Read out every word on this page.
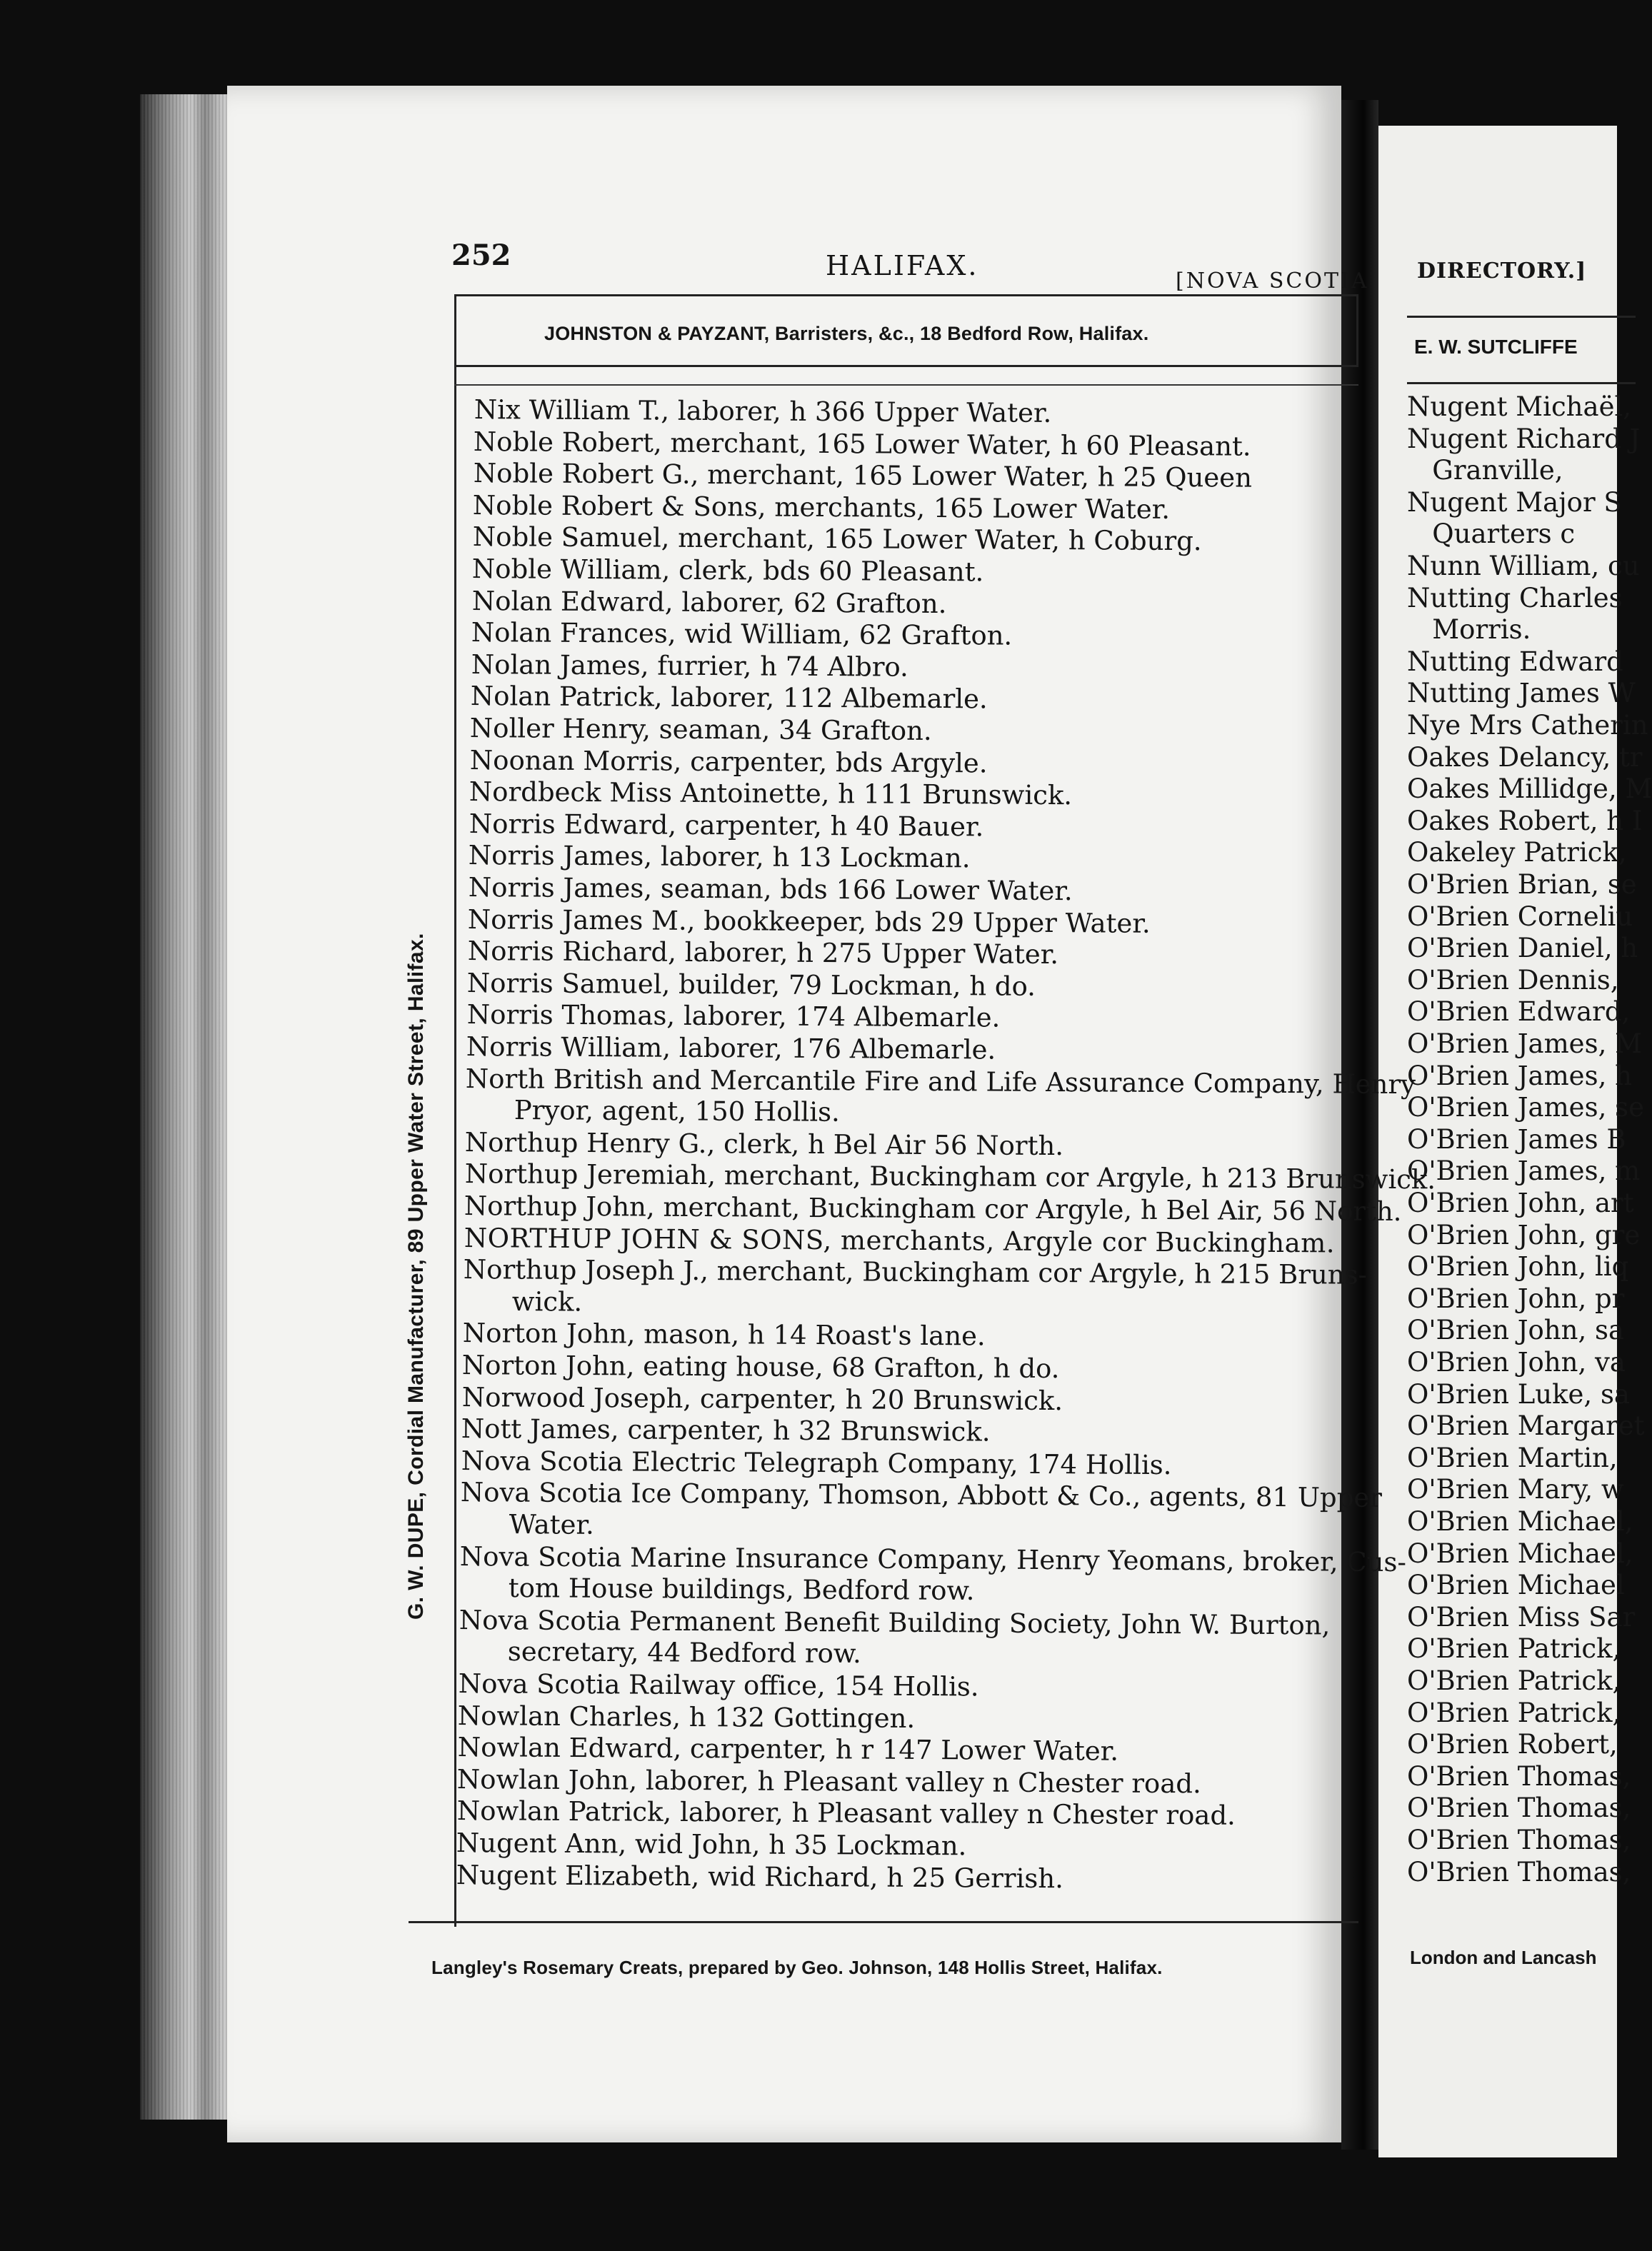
DIRECTORY.]
E. W. SUTCLIFFE
Nugent Michaël,
Nugent Richard J
Granville,
Nugent Major S
Quarters c
Nunn William, cu
Nutting Charles
Morris.
Nutting Edward
Nutting James W
Nye Mrs Catherin
Oakes Delancy, tr
Oakes Millidge, M
Oakes Robert, h I
Oakeley Patrick,
O'Brien Brian, se
O'Brien Corneliu
O'Brien Daniel, h
O'Brien Dennis,
O'Brien Edward,
O'Brien James, M
O'Brien James, h
O'Brien James, se
O'Brien James B
O'Brien James, m
O'Brien John, art
O'Brien John, gre
O'Brien John, liq
O'Brien John, pr
O'Brien John, sa
O'Brien John, va
O'Brien Luke, sa
O'Brien Margaret
O'Brien Martin,
O'Brien Mary, w
O'Brien Michael,
O'Brien Michael,
O'Brien Michael
O'Brien Miss Sar
O'Brien Patrick,
O'Brien Patrick,
O'Brien Patrick,
O'Brien Robert,
O'Brien Thomas,
O'Brien Thomas,
O'Brien Thomas,
O'Brien Thomas,
London and Lancash
252	HALIFAX.	[NOVA SCOTIA
JOHNSTON & PAYZANT, Barristers, &c., 18 Bedford Row, Halifax.
G. W. DUPE, Cordial Manufacturer, 89 Upper Water Street, Halifax.
Nix William T., laborer, h 366 Upper Water.
Noble Robert, merchant, 165 Lower Water, h 60 Pleasant.
Noble Robert G., merchant, 165 Lower Water, h 25 Queen
Noble Robert & Sons, merchants, 165 Lower Water.
Noble Samuel, merchant, 165 Lower Water, h Coburg.
Noble William, clerk, bds 60 Pleasant.
Nolan Edward, laborer, 62 Grafton.
Nolan Frances, wid William, 62 Grafton.
Nolan James, furrier, h 74 Albro.
Nolan Patrick, laborer, 112 Albemarle.
Noller Henry, seaman, 34 Grafton.
Noonan Morris, carpenter, bds Argyle.
Nordbeck Miss Antoinette, h 111 Brunswick.
Norris Edward, carpenter, h 40 Bauer.
Norris James, laborer, h 13 Lockman.
Norris James, seaman, bds 166 Lower Water.
Norris James M., bookkeeper, bds 29 Upper Water.
Norris Richard, laborer, h 275 Upper Water.
Norris Samuel, builder, 79 Lockman, h do.
Norris Thomas, laborer, 174 Albemarle.
Norris William, laborer, 176 Albemarle.
North British and Mercantile Fire and Life Assurance Company, Henry
Pryor, agent, 150 Hollis.
Northup Henry G., clerk, h Bel Air 56 North.
Northup Jeremiah, merchant, Buckingham cor Argyle, h 213 Brunswick.
Northup John, merchant, Buckingham cor Argyle, h Bel Air, 56 North.
NORTHUP JOHN & SONS, merchants, Argyle cor Buckingham.
Northup Joseph J., merchant, Buckingham cor Argyle, h 215 Bruns-
wick.
Norton John, mason, h 14 Roast's lane.
Norton John, eating house, 68 Grafton, h do.
Norwood Joseph, carpenter, h 20 Brunswick.
Nott James, carpenter, h 32 Brunswick.
Nova Scotia Electric Telegraph Company, 174 Hollis.
Nova Scotia Ice Company, Thomson, Abbott & Co., agents, 81 Upper
Water.
Nova Scotia Marine Insurance Company, Henry Yeomans, broker, Cus-
tom House buildings, Bedford row.
Nova Scotia Permanent Benefit Building Society, John W. Burton,
secretary, 44 Bedford row.
Nova Scotia Railway office, 154 Hollis.
Nowlan Charles, h 132 Gottingen.
Nowlan Edward, carpenter, h r 147 Lower Water.
Nowlan John, laborer, h Pleasant valley n Chester road.
Nowlan Patrick, laborer, h Pleasant valley n Chester road.
Nugent Ann, wid John, h 35 Lockman.
Nugent Elizabeth, wid Richard, h 25 Gerrish.
Langley's Rosemary Creats, prepared by Geo. Johnson, 148 Hollis Street, Halifax.
